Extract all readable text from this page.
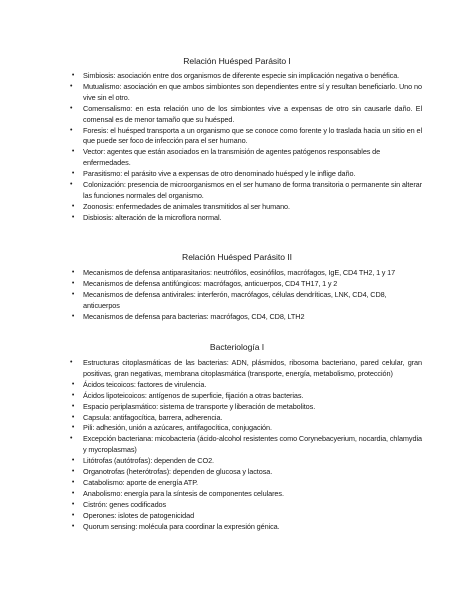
Relación Huésped Parásito I
• Simbiosis: asociación entre dos organismos de diferente especie sin implicación negativa o benéfica.
•	Mutualismo: asociación en que ambos simbiontes son dependientes entre sí y resultan beneficiarlo. Uno no vive sin el otro.
•	Comensalismo: en esta relación uno de los simbiontes vive a expensas de otro sin causarle daño. El comensal es de menor tamaño que su huésped.
•	Foresis: el huésped transporta a un organismo que se conoce como forente y lo traslada hacia un sitio en el que puede ser foco de infección para el ser humano.
• Vector: agentes que están asociados en la transmisión de agentes patógenos responsables de enfermedades.
• Parasitismo: el parásito vive a expensas de otro denominado huésped y le inflige daño.
•	Colonización: presencia de microorganismos en el ser humano de forma transitoria o permanente sin alterar las funciones normales del organismo.
• Zoonosis: enfermedades de animales transmitidos al ser humano.
• Disbiosis: alteración de la microflora normal.
Relación Huésped Parásito II
• Mecanismos de defensa antiparasitarios: neutrófilos, eosinófilos, macrófagos, IgE, CD4 TH2, 1 y 17
• Mecanismos de defensa antifúngicos: macrófagos, anticuerpos, CD4 TH17, 1 y 2
• Mecanismos de defensa antivirales: interferón, macrófagos, células dendríticas, LNK, CD4, CD8, anticuerpos
• Mecanismos de defensa para bacterias: macrófagos, CD4, CD8, LTH2
Bacteriología I
•	Estructuras citoplasmáticas de las bacterias: ADN, plásmidos, ribosoma bacteriano, pared celular, gran positivas, gran negativas, membrana citoplasmática (transporte, energía, metabolismo, protección)
• Ácidos teicoicos: factores de virulencia.
• Ácidos lipoteicoicos: antígenos de superficie, fijación a otras bacterias.
• Espacio periplasmático: sistema de transporte y liberación de metabolitos.
• Capsula: antifagocítica, barrera, adherencia.
• Pili: adhesión, unión a azúcares, antifagocítica, conjugación.
•	Excepción bacteriana: micobacteria (ácido-alcohol resistentes como Corynebacyerium, nocardia, chlamydia y mycroplasmas)
• Litótrofas (autótrofas): dependen de CO2.
• Organotrofas (heterótrofas): dependen de glucosa y lactosa.
• Catabolismo: aporte de energía ATP.
• Anabolismo: energía para la síntesis de componentes celulares.
• Cistrón: genes codificados
• Operones: islotes de patogenicidad
• Quorum sensing: molécula para coordinar la expresión génica.
